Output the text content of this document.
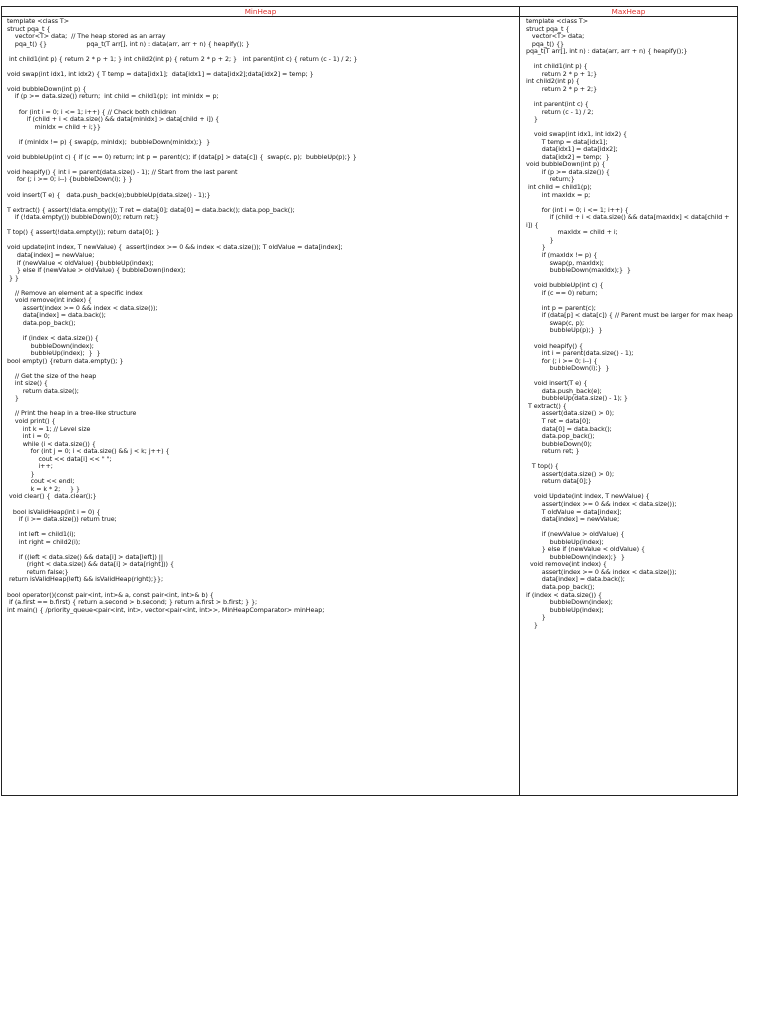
MinHeap
template <class T>
struct pqa_t {
vector<T> data;  // The heap stored as an array
pqa_t() {}                    pqa_t(T arr[], int n) : data(arr, arr + n) { heapify(); }

int child1(int p) { return 2 * p + 1; } int child2(int p) { return 2 * p + 2; }   int parent(int c) { return (c - 1) / 2; }

void swap(int idx1, int idx2) { T temp = data[idx1];  data[idx1] = data[idx2];data[idx2] = temp; }

void bubbleDown(int p) {
if (p >= data.size()) return;  int child = child1(p);  int minIdx = p;

for (int i = 0; i <= 1; i++) { // Check both children
if (child + i < data.size() && data[minIdx] > data[child + i]) {
minIdx = child + i;}}

if (minIdx != p) { swap(p, minIdx);  bubbleDown(minIdx);}  }

void bubbleUp(int c) { if (c == 0) return; int p = parent(c); if (data[p] > data[c]) {  swap(c, p);  bubbleUp(p);} }

void heapify() { int i = parent(data.size() - 1); // Start from the last parent
for (; i >= 0; i--) {bubbleDown(i); } }

void insert(T e) {   data.push_back(e);bubbleUp(data.size() - 1);}

T extract() { assert(!data.empty()); T ret = data[0]; data[0] = data.back(); data.pop_back();
if (!data.empty()) bubbleDown(0); return ret;}

T top() { assert(!data.empty()); return data[0]; }

void update(int index, T newValue) {  assert(index >= 0 && index < data.size()); T oldValue = data[index];
data[index] = newValue;
if (newValue < oldValue) {bubbleUp(index);
} else if (newValue > oldValue) { bubbleDown(index);
} }

// Remove an element at a specific index
void remove(int index) {
assert(index >= 0 && index < data.size());
data[index] = data.back();
data.pop_back();

if (index < data.size()) {
bubbleDown(index);
bubbleUp(index);  }  }
bool empty() {return data.empty(); }

// Get the size of the heap
int size() {
return data.size();
}

// Print the heap in a tree-like structure
void print() {
int k = 1; // Level size
int i = 0;
while (i < data.size()) {
for (int j = 0; i < data.size() && j < k; j++) {
cout << data[i] << " ";
i++;
}
cout << endl;
k = k * 2;     } }
void clear() {  data.clear();}

bool isValidHeap(int i = 0) {
if (i >= data.size()) return true;

int left = child1(i);
int right = child2(i);

if ((left < data.size() && data[i] > data[left]) ||
(right < data.size() && data[i] > data[right])) {
return false;}
return isValidHeap(left) && isValidHeap(right);}};

bool operator()(const pair<int, int>& a, const pair<int, int>& b) {
if (a.first == b.first) { return a.second > b.second; } return a.first > b.first; } };
int main() { /priority_queue<pair<int, int>, vector<pair<int, int>>, MinHeapComparator> minHeap;
MaxHeap
template <class T>
struct pqa_t {
vector<T> data;
pqa_t() {}
pqa_t(T arr[], int n) : data(arr, arr + n) { heapify();}

int child1(int p) {
return 2 * p + 1;}
int child2(int p) {
return 2 * p + 2;}

int parent(int c) {
return (c - 1) / 2;
}

void swap(int idx1, int idx2) {
T temp = data[idx1];
data[idx1] = data[idx2];
data[idx2] = temp;  }
void bubbleDown(int p) {
if (p >= data.size()) {
return;}
int child = child1(p);
int maxIdx = p;

for (int i = 0; i <= 1; i++) {
if (child + i < data.size() && data[maxIdx] < data[child + i]) {
maxIdx = child + i;
}
}
if (maxIdx != p) {
swap(p, maxIdx);
bubbleDown(maxIdx);}  }

void bubbleUp(int c) {
if (c == 0) return;

int p = parent(c);
if (data[p] < data[c]) { // Parent must be larger for max heap
swap(c, p);
bubbleUp(p);}  }

void heapify() {
int i = parent(data.size() - 1);
for (; i >= 0; i--) {
bubbleDown(i);}  }

void insert(T e) {
data.push_back(e);
bubbleUp(data.size() - 1); }
T extract() {
assert(data.size() > 0);
T ret = data[0];
data[0] = data.back();
data.pop_back();
bubbleDown(0);
return ret; }

T top() {
assert(data.size() > 0);
return data[0];}

void Update(int index, T newValue) {
assert(index >= 0 && index < data.size());
T oldValue = data[index];
data[index] = newValue;

if (newValue > oldValue) {
bubbleUp(index);
} else if (newValue < oldValue) {
bubbleDown(index);}  }
void remove(int index) {
assert(index >= 0 && index < data.size());
data[index] = data.back();
data.pop_back();
if (index < data.size()) {
bubbleDown(index);
bubbleUp(index);
}
}
